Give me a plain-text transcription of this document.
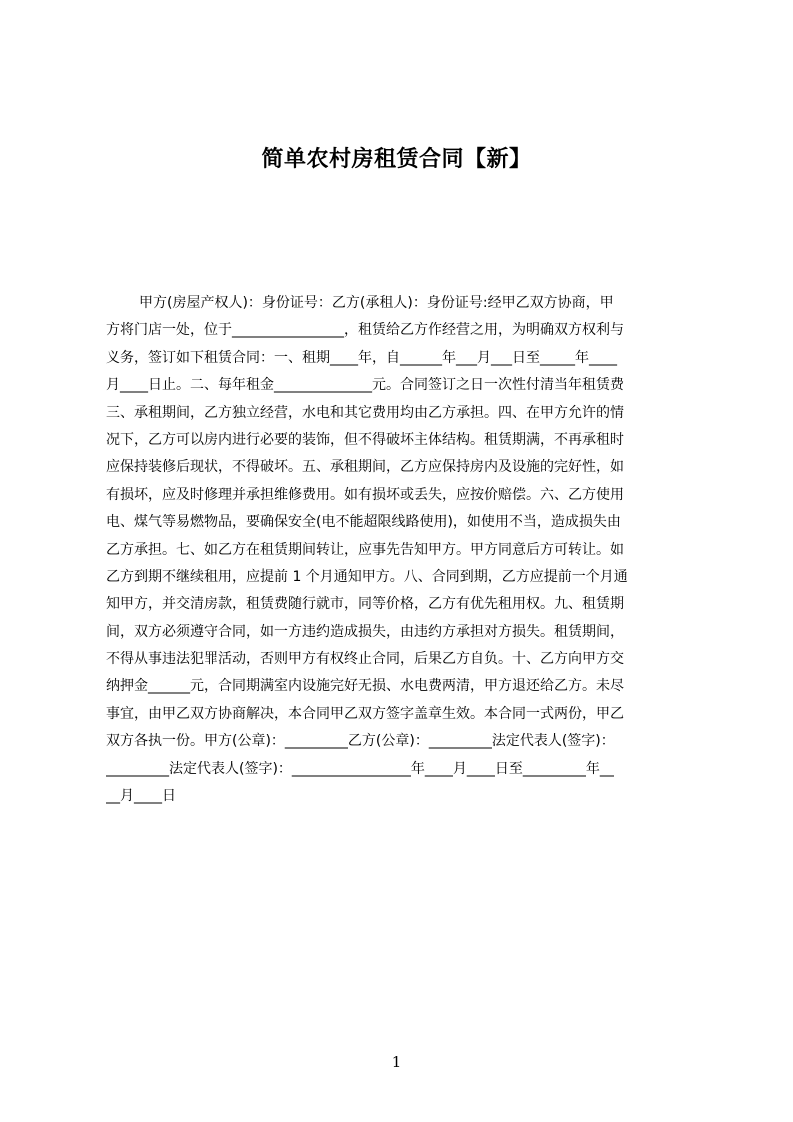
简单农村房租赁合同【新】
甲方(房屋产权人)：身份证号：乙方(承租人)：身份证号:经甲乙双方协商，甲
方将门店一处，位于________________，租赁给乙方作经营之用，为明确双方权利与
义务，签订如下租赁合同：一、租期____年，自______年___月___日至_____年____
月____日止。二、每年租金______________元。合同签订之日一次性付清当年租赁费
三、承租期间，乙方独立经营，水电和其它费用均由乙方承担。四、在甲方允许的情
况下，乙方可以房内进行必要的装饰，但不得破坏主体结构。租赁期满，不再承租时
应保持装修后现状，不得破坏。五、承租期间，乙方应保持房内及设施的完好性，如
有损坏，应及时修理并承担维修费用。如有损坏或丢失，应按价赔偿。六、乙方使用
电、煤气等易燃物品，要确保安全(电不能超限线路使用)，如使用不当，造成损失由
乙方承担。七、如乙方在租赁期间转让，应事先告知甲方。甲方同意后方可转让。如
乙方到期不继续租用，应提前 1 个月通知甲方。八、合同到期，乙方应提前一个月通
知甲方，并交清房款，租赁费随行就市，同等价格，乙方有优先租用权。九、租赁期
间，双方必须遵守合同，如一方违约造成损失，由违约方承担对方损失。租赁期间，
不得从事违法犯罪活动，否则甲方有权终止合同，后果乙方自负。十、乙方向甲方交
纳押金______元，合同期满室内设施完好无损、水电费两清，甲方退还给乙方。未尽
事宜，由甲乙双方协商解决，本合同甲乙双方签字盖章生效。本合同一式两份，甲乙
双方各执一份。甲方(公章)：_________乙方(公章)：_________法定代表人(签字)：
_________法定代表人(签字)：_________________年____月____日至_________年__
__月____日
1
